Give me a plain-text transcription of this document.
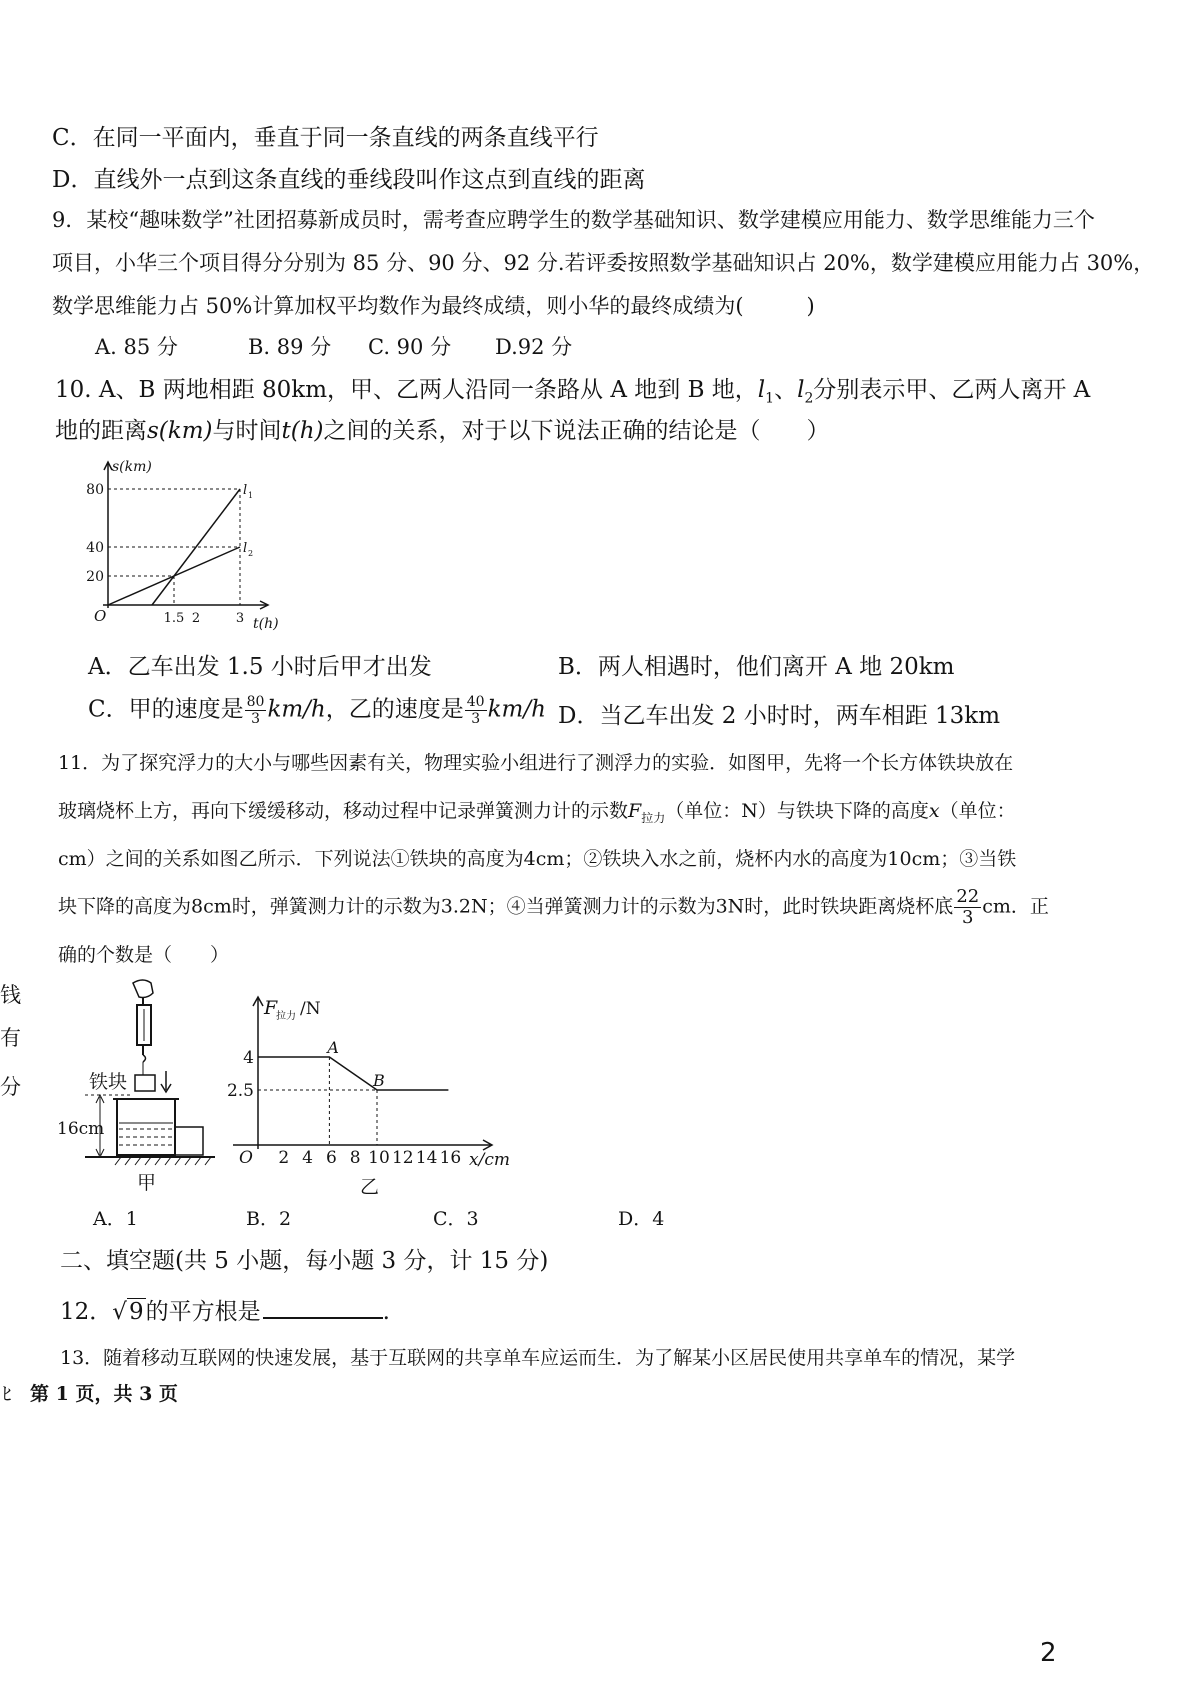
C．在同一平面内，垂直于同一条直线的两条直线平行
D．直线外一点到这条直线的垂线段叫作这点到直线的距离
9．某校“趣味数学”社团招募新成员时，需考查应聘学生的数学基础知识、数学建模应用能力、数学思维能力三个
项目，小华三个项目得分分别为 85 分、90 分、92 分.若评委按照数学基础知识占 20%，数学建模应用能力占 30%，
数学思维能力占 50%计算加权平均数作为最终成绩，则小华的最终成绩为(　　　)
A. 85 分	B. 89 分 C. 90 分 D.92 分
10. A、B 两地相距 80km，甲、乙两人沿同一条路从 A 地到 B 地，$l_1$、$l_2$分别表示甲、乙两人离开 A
地的距离s(km)与时间t(h)之间的关系，对于以下说法正确的结论是（　　）
s(km)
t(h)
O
80
40
20
1.5 2	3
l 1
l 2
A．乙车出发 1.5 小时后甲才出发	B．两人相遇时，他们离开 A 地 20km
C．甲的速度是 $\frac{80}{3} km/h$，乙的速度是 $\frac{40}{3} km/h$ D．当乙车出发 2 小时时，两车相距 13km
11．为了探究浮力的大小与哪些因素有关，物理实验小组进行了测浮力的实验．如图甲，先将一个长方体铁块放在
玻璃烧杯上方，再向下缓缓移动，移动过程中记录弹簧测力计的示数$F_{拉力}$（单位：N）与铁块下降的高度x（单位：
cm）之间的关系如图乙所示．下列说法①铁块的高度为4cm；②铁块入水之前，烧杯内水的高度为10cm；③当铁
块下降的高度为8cm时，弹簧测力计的示数为3.2N；④当弹簧测力计的示数为3N时，此时铁块距离烧杯底 $\frac{22}{3}$ cm．正
确的个数是（　　）
铁块
16cm
甲
F
拉力 /N
O
4
2.5
2 4 6 8 10 12 14 16 x/cm
A
B
乙
A．1	B．2	C．3	D．4
二、填空题(共 5 小题，每小题 3 分，计 15 分)
12．√9的平方根是	.
13．随着移动互联网的快速发展，基于互联网的共享单车应运而生．为了解某小区居民使用共享单车的情况，某学
钱
有
分
ﾋ 第 1 页，共 3 页
2
